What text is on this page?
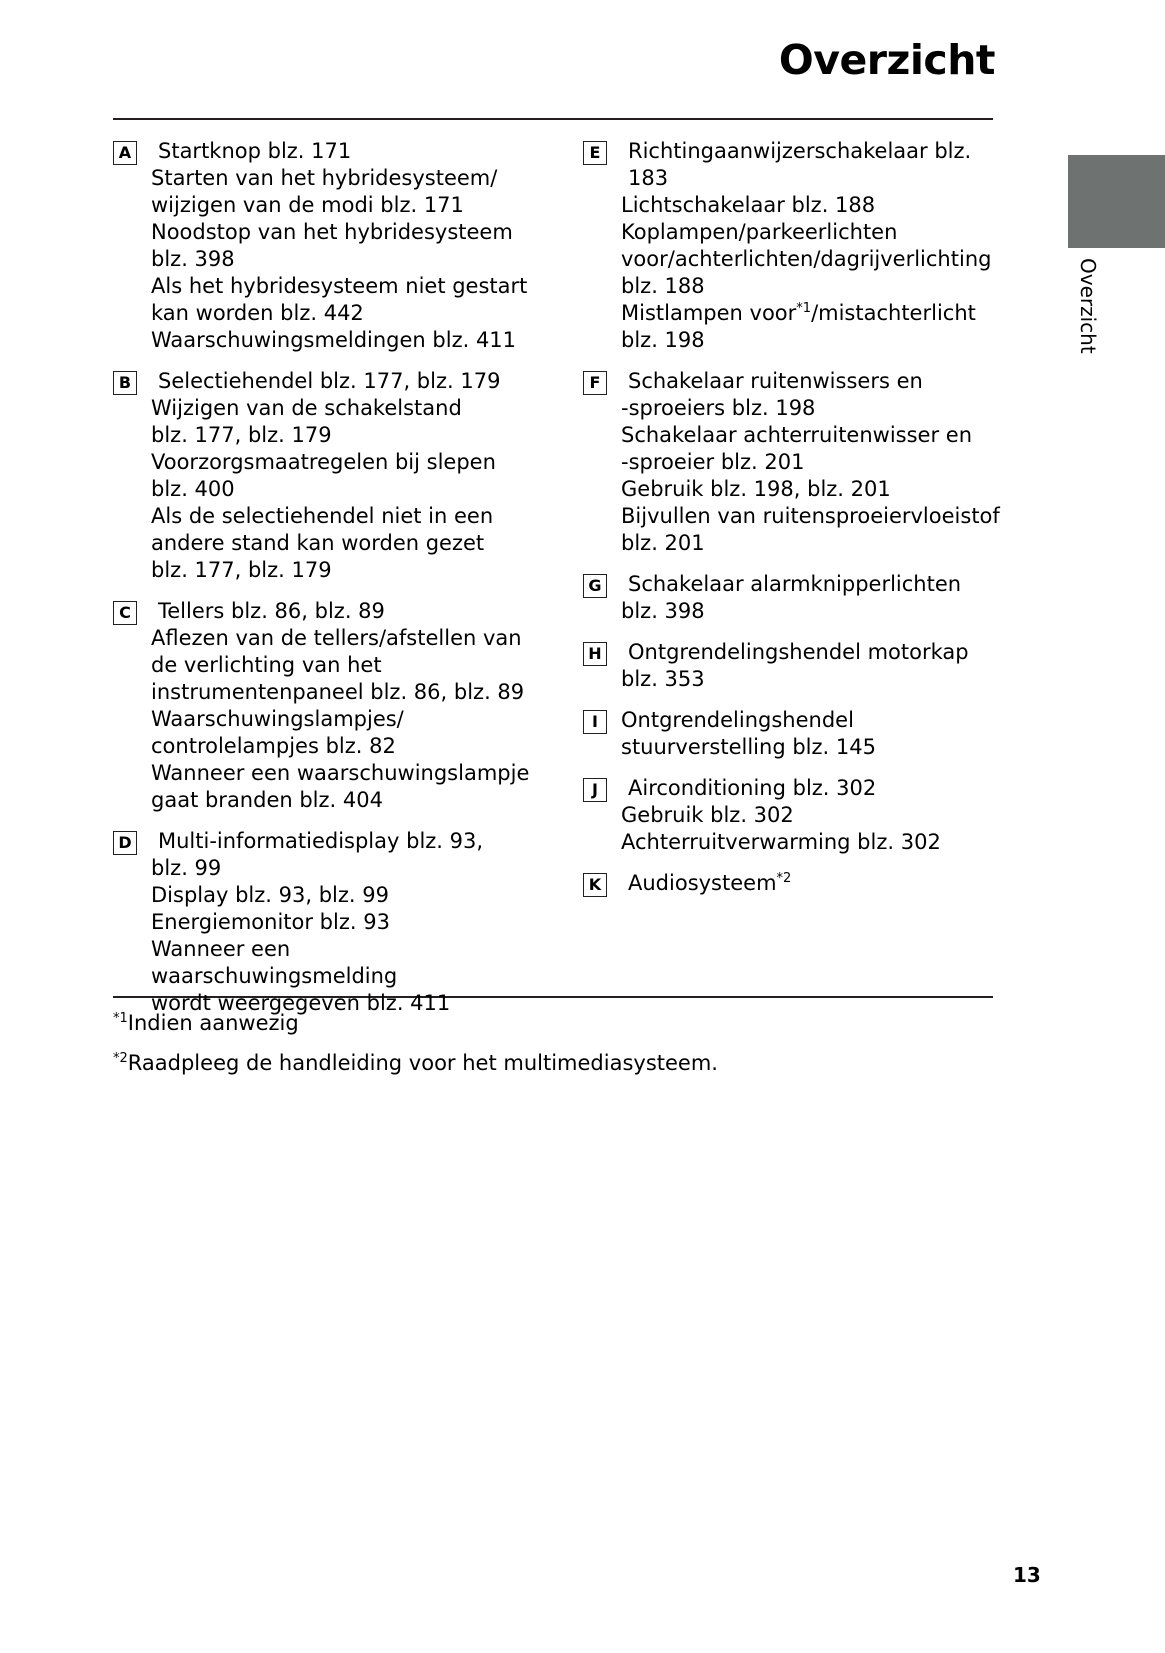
Overzicht
Overzicht
A	Startknop blz. 171
Starten van het hybridesysteem/
wijzigen van de modi blz. 171
Noodstop van het hybridesysteem
blz. 398
Als het hybridesysteem niet gestart
kan worden blz. 442
Waarschuwingsmeldingen blz. 411
B	Selectiehendel blz. 177, blz. 179
Wijzigen van de schakelstand
blz. 177, blz. 179
Voorzorgsmaatregelen bij slepen
blz. 400
Als de selectiehendel niet in een
andere stand kan worden gezet
blz. 177, blz. 179
C	Tellers blz. 86, blz. 89
Aflezen van de tellers/afstellen van
de verlichting van het
instrumentenpaneel blz. 86, blz. 89
Waarschuwingslampjes/
controlelampjes blz. 82
Wanneer een waarschuwingslampje
gaat branden blz. 404
D	Multi-informatiedisplay blz. 93,
blz. 99
Display blz. 93, blz. 99
Energiemonitor blz. 93
Wanneer een waarschuwingsmelding
wordt weergegeven blz. 411
E	Richtingaanwijzerschakelaar blz. 183
Lichtschakelaar blz. 188
Koplampen/parkeerlichten
voor/achterlichten/dagrijverlichting
blz. 188
Mistlampen voor$^{*1}$/mistachterlicht
blz. 198
F	Schakelaar ruitenwissers en
-sproeiers blz. 198
Schakelaar achterruitenwisser en
-sproeier blz. 201
Gebruik blz. 198, blz. 201
Bijvullen van ruitensproeiervloeistof
blz. 201
G	Schakelaar alarmknipperlichten
blz. 398
H	Ontgrendelingshendel motorkap
blz. 353
I	Ontgrendelingshendel
stuurverstelling blz. 145
J	Airconditioning blz. 302
Gebruik blz. 302
Achterruitverwarming blz. 302
K	Audiosysteem$^{*2}$
$^{*1}$Indien aanwezig
$^{*2}$Raadpleeg de handleiding voor het multimediasysteem.
13
